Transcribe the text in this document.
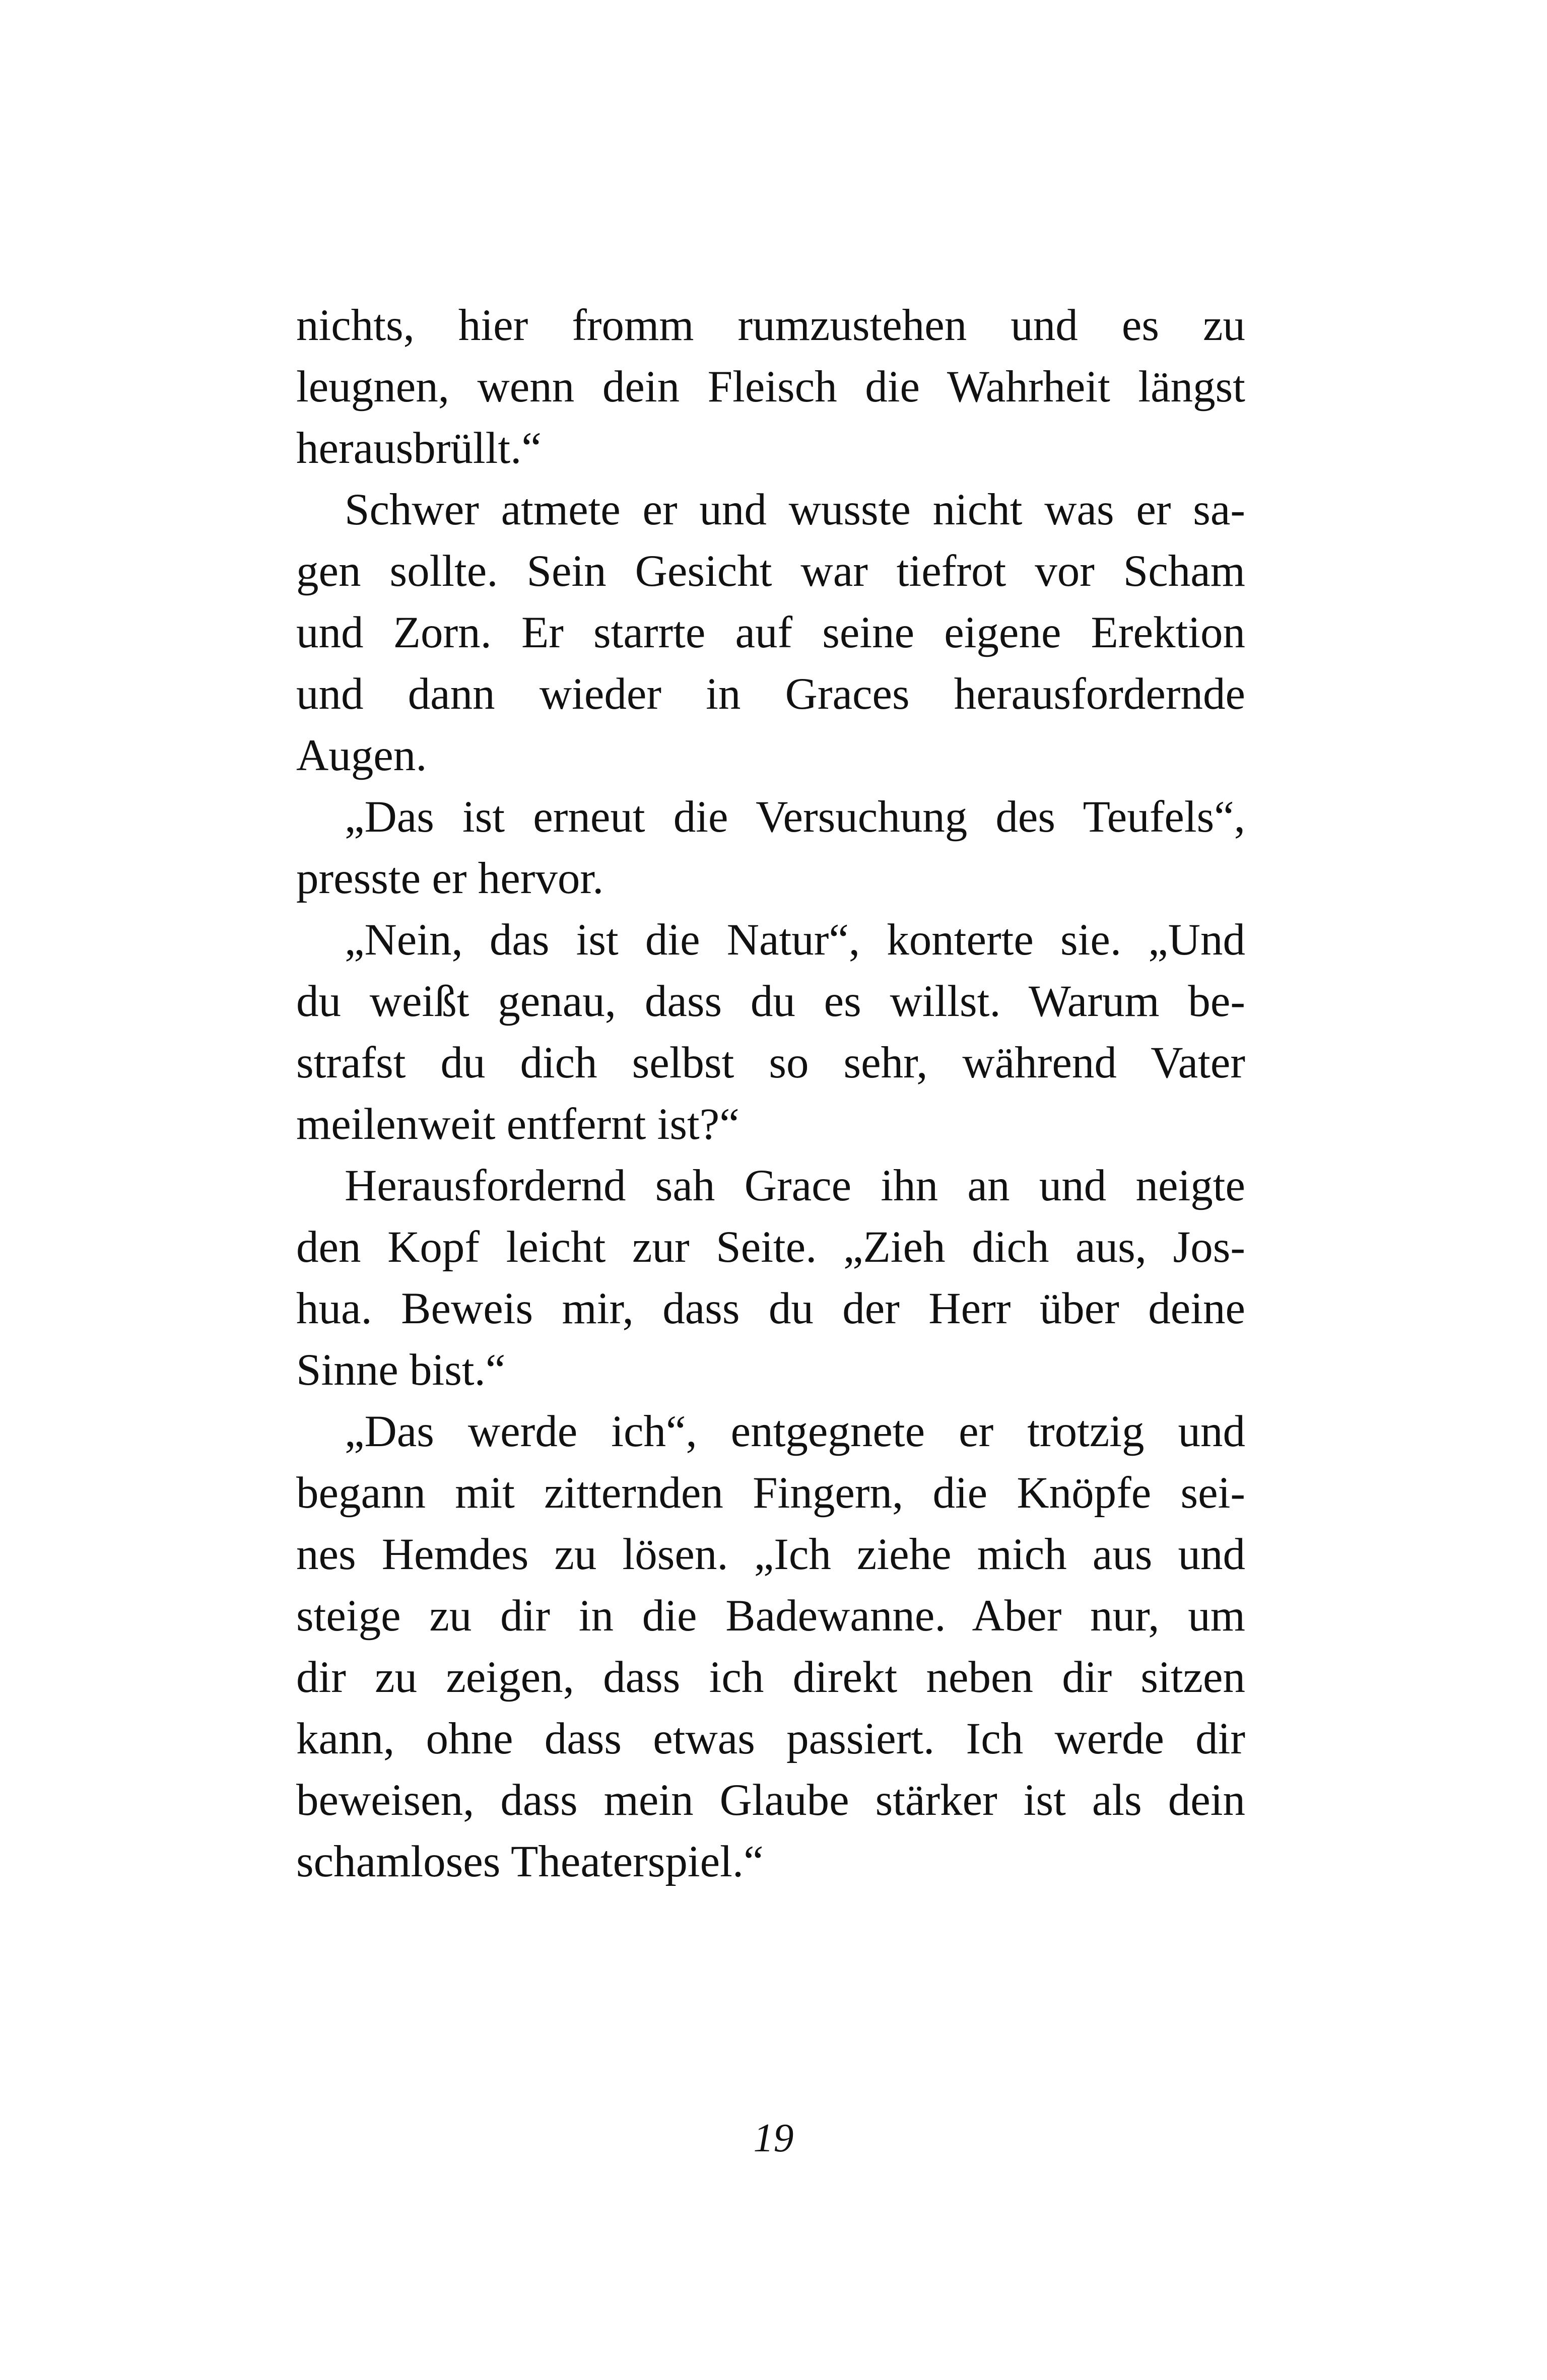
nichts, hier fromm rumzustehen und es zu
leugnen, wenn dein Fleisch die Wahrheit längst
herausbrüllt.“
Schwer atmete er und wusste nicht was er sa-
gen sollte. Sein Gesicht war tiefrot vor Scham
und Zorn. Er starrte auf seine eigene Erektion
und dann wieder in Graces herausfordernde
Augen.
„Das ist erneut die Versuchung des Teufels“,
presste er hervor.
„Nein, das ist die Natur“, konterte sie. „Und
du weißt genau, dass du es willst. Warum be-
strafst du dich selbst so sehr, während Vater
meilenweit entfernt ist?“
Herausfordernd sah Grace ihn an und neigte
den Kopf leicht zur Seite. „Zieh dich aus, Jos-
hua. Beweis mir, dass du der Herr über deine
Sinne bist.“
„Das werde ich“, entgegnete er trotzig und
begann mit zitternden Fingern, die Knöpfe sei-
nes Hemdes zu lösen. „Ich ziehe mich aus und
steige zu dir in die Badewanne. Aber nur, um
dir zu zeigen, dass ich direkt neben dir sitzen
kann, ohne dass etwas passiert. Ich werde dir
beweisen, dass mein Glaube stärker ist als dein
schamloses Theaterspiel.“
19
